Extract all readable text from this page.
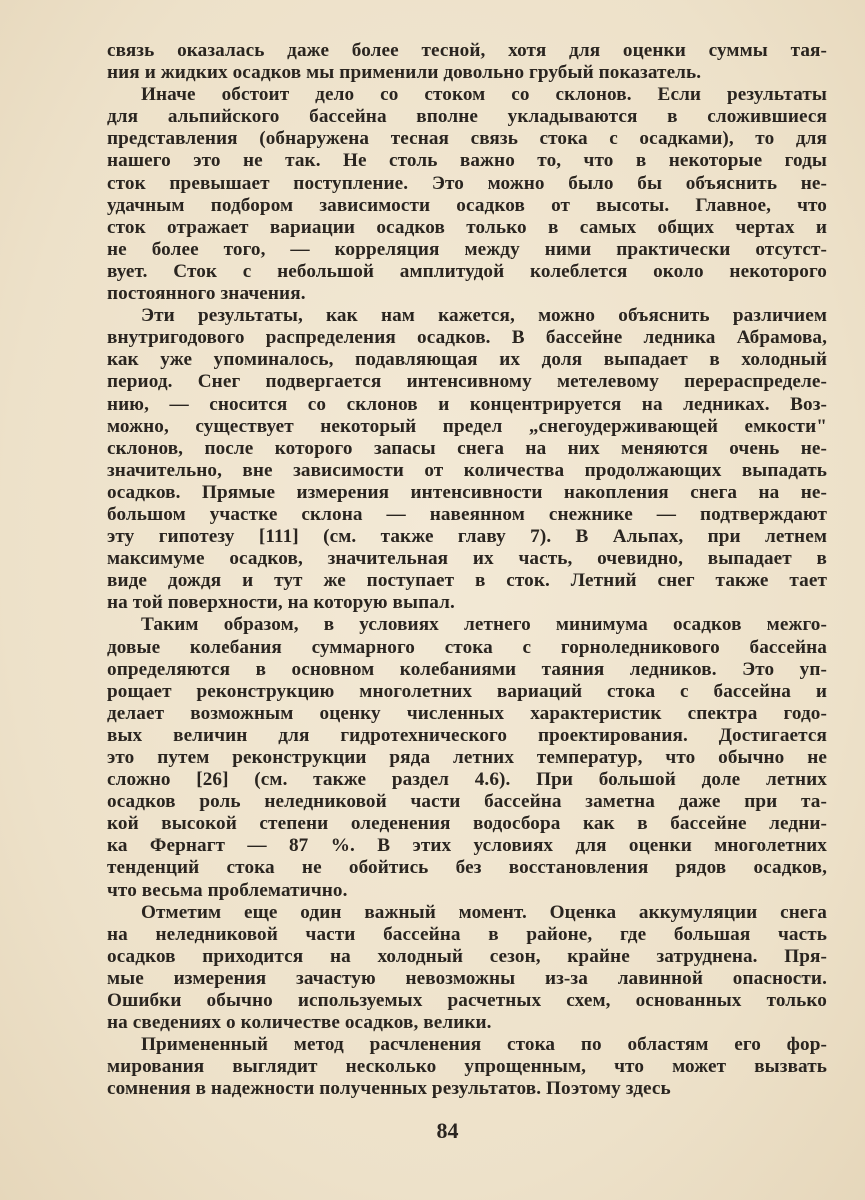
связь оказалась даже более тесной, хотя для оценки суммы тая-
ния и жидких осадков мы применили довольно грубый показатель.
Иначе обстоит дело со стоком со склонов. Если результаты
для альпийского бассейна вполне укладываются в сложившиеся
представления (обнаружена тесная связь стока с осадками), то для
нашего это не так. Не столь важно то, что в некоторые годы
сток превышает поступление. Это можно было бы объяснить не-
удачным подбором зависимости осадков от высоты. Главное, что
сток отражает вариации осадков только в самых общих чертах и
не более того, — корреляция между ними практически отсутст-
вует. Сток с небольшой амплитудой колеблется около некоторого
постоянного значения.
Эти результаты, как нам кажется, можно объяснить различием
внутригодового распределения осадков. В бассейне ледника Абрамова,
как уже упоминалось, подавляющая их доля выпадает в холодный
период. Снег подвергается интенсивному метелевому перераспределе-
нию, — сносится со склонов и концентрируется на ледниках. Воз-
можно, существует некоторый предел „снегоудерживающей емкости"
склонов, после которого запасы снега на них меняются очень не-
значительно, вне зависимости от количества продолжающих выпадать
осадков. Прямые измерения интенсивности накопления снега на не-
большом участке склона — навеянном снежнике — подтверждают
эту гипотезу [111] (см. также главу 7). В Альпах, при летнем
максимуме осадков, значительная их часть, очевидно, выпадает в
виде дождя и тут же поступает в сток. Летний снег также тает
на той поверхности, на которую выпал.
Таким образом, в условиях летнего минимума осадков межго-
довые колебания суммарного стока с горноледникового бассейна
определяются в основном колебаниями таяния ледников. Это уп-
рощает реконструкцию многолетних вариаций стока с бассейна и
делает возможным оценку численных характеристик спектра годо-
вых величин для гидротехнического проектирования. Достигается
это путем реконструкции ряда летних температур, что обычно не
сложно [26] (см. также раздел 4.6). При большой доле летних
осадков роль неледниковой части бассейна заметна даже при та-
кой высокой степени оледенения водосбора как в бассейне ледни-
ка Фернагт — 87 %. В этих условиях для оценки многолетних
тенденций стока не обойтись без восстановления рядов осадков,
что весьма проблематично.
Отметим еще один важный момент. Оценка аккумуляции снега
на неледниковой части бассейна в районе, где большая часть
осадков приходится на холодный сезон, крайне затруднена. Пря-
мые измерения зачастую невозможны из-за лавинной опасности.
Ошибки обычно используемых расчетных схем, основанных только
на сведениях о количестве осадков, велики.
Примененный метод расчленения стока по областям его фор-
мирования выглядит несколько упрощенным, что может вызвать
сомнения в надежности полученных результатов. Поэтому здесь
84
